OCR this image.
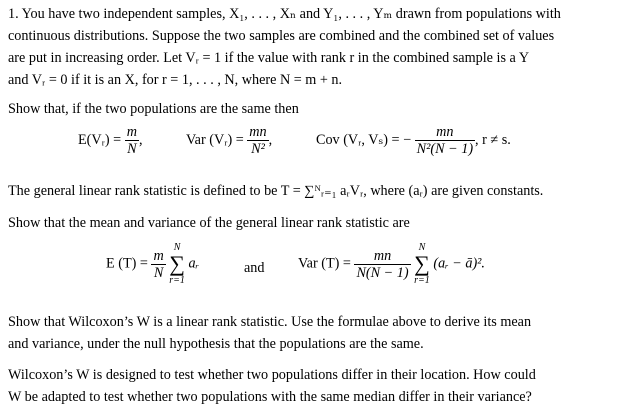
1. You have two independent samples, X₁, . . . , Xₙ and Y₁, . . . , Yₘ drawn from populations with
continuous distributions. Suppose the two samples are combined and the combined set of values
are put in increasing order. Let Vᵣ = 1 if the value with rank r in the combined sample is a Y
and Vᵣ = 0 if it is an X, for r = 1, . . . , N, where N = m + n.
Show that, if the two populations are the same then
E(Vᵣ) = $\frac{m}{N}$ ,	Var (Vᵣ) = $\frac{mn}{\text{N²}}$ ,	Cov (Vᵣ, Vₛ) = − $\frac{mn}{\text{N²(N − 1)}}$ , r ≠ s.
The general linear rank statistic is defined to be T = ∑ᴺᵣ₌₁ aᵣVᵣ, where (aᵣ) are given constants.
Show that the mean and variance of the general linear rank statistic are
E $(T) = \frac{m}{N}$
N
∑
r=1
aᵣ	and Var $(T) = \frac{mn}{N(N - 1)}$
N
∑
r=1
(aᵣ − ā)².
Show that Wilcoxon’s W is a linear rank statistic. Use the formulae above to derive its mean
and variance, under the null hypothesis that the populations are the same.
Wilcoxon’s W is designed to test whether two populations differ in their location. How could
W be adapted to test whether two populations with the same median differ in their variance?
